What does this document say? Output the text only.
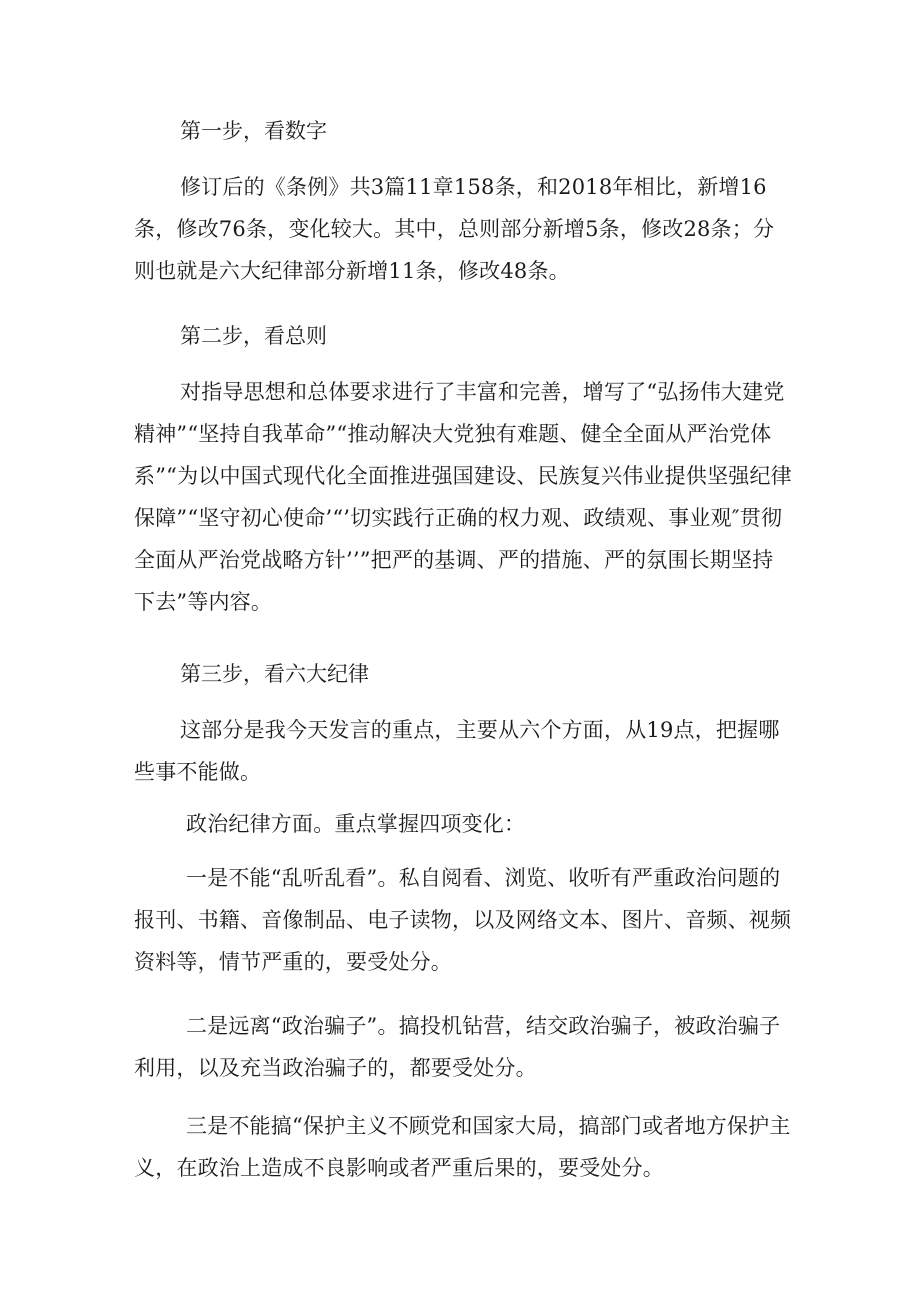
第一步，看数字

修订后的《条例》共3篇11章158条，和2018年相比，新增16条，修改76条，变化较大。其中，总则部分新增5条，修改28条；分则也就是六大纪律部分新增11条，修改48条。

第二步，看总则

对指导思想和总体要求进行了丰富和完善，增写了“弘扬伟大建党精神”“坚持自我革命”“推动解决大党独有难题、健全全面从严治党体系”“为以中国式现代化全面推进强国建设、民族复兴伟业提供坚强纪律保障”“坚守初心使命’“’切实践行正确的权力观、政绩观、事业观″贯彻全面从严治党战略方针’’”把严的基调、严的措施、严的氛围长期坚持下去”等内容。

第三步，看六大纪律

这部分是我今天发言的重点，主要从六个方面，从19点，把握哪些事不能做。

政治纪律方面。重点掌握四项变化：

一是不能“乱听乱看”。私自阅看、浏览、收听有严重政治问题的报刊、书籍、音像制品、电子读物，以及网络文本、图片、音频、视频资料等，情节严重的，要受处分。

二是远离“政治骗子”。搞投机钻营，结交政治骗子，被政治骗子利用，以及充当政治骗子的，都要受处分。

三是不能搞“保护主义不顾党和国家大局，搞部门或者地方保护主义，在政治上造成不良影响或者严重后果的，要受处分。
